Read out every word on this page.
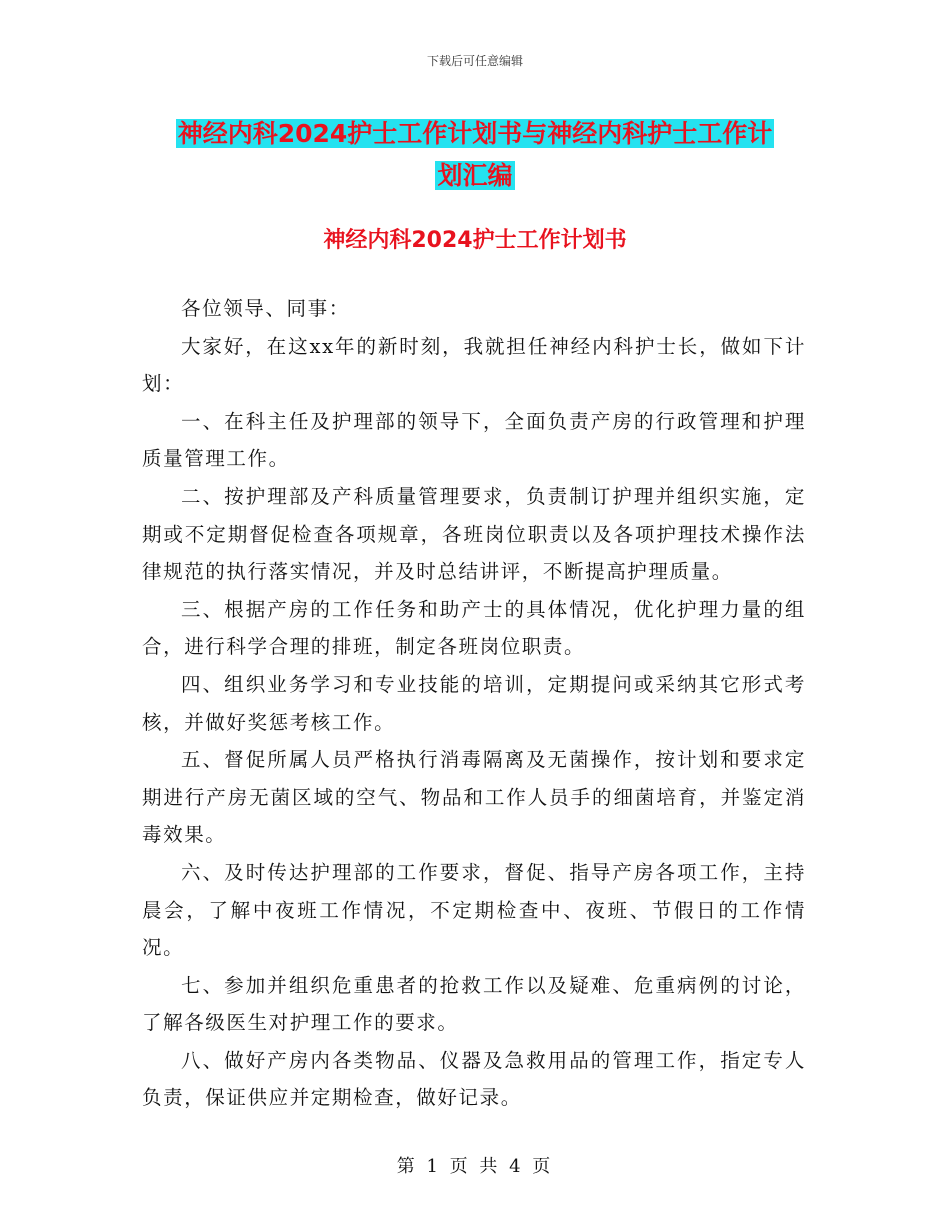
下载后可任意编辑
神经内科2024护士工作计划书与神经内科护士工作计
划汇编
神经内科2024护士工作计划书

各位领导、同事：

大家好，在这xx年的新时刻，我就担任神经内科护士长，做如下计划：

一、在科主任及护理部的领导下，全面负责产房的行政管理和护理质量管理工作。

二、按护理部及产科质量管理要求，负责制订护理并组织实施，定期或不定期督促检查各项规章，各班岗位职责以及各项护理技术操作法律规范的执行落实情况，并及时总结讲评，不断提高护理质量。

三、根据产房的工作任务和助产士的具体情况，优化护理力量的组合，进行科学合理的排班，制定各班岗位职责。

四、组织业务学习和专业技能的培训，定期提问或采纳其它形式考核，并做好奖惩考核工作。

五、督促所属人员严格执行消毒隔离及无菌操作，按计划和要求定期进行产房无菌区域的空气、物品和工作人员手的细菌培育，并鉴定消毒效果。

六、及时传达护理部的工作要求，督促、指导产房各项工作，主持晨会，了解中夜班工作情况，不定期检查中、夜班、节假日的工作情况。

七、参加并组织危重患者的抢救工作以及疑难、危重病例的讨论，了解各级医生对护理工作的要求。

八、做好产房内各类物品、仪器及急救用品的管理工作，指定专人负责，保证供应并定期检查，做好记录。

第 1 页 共 4 页
